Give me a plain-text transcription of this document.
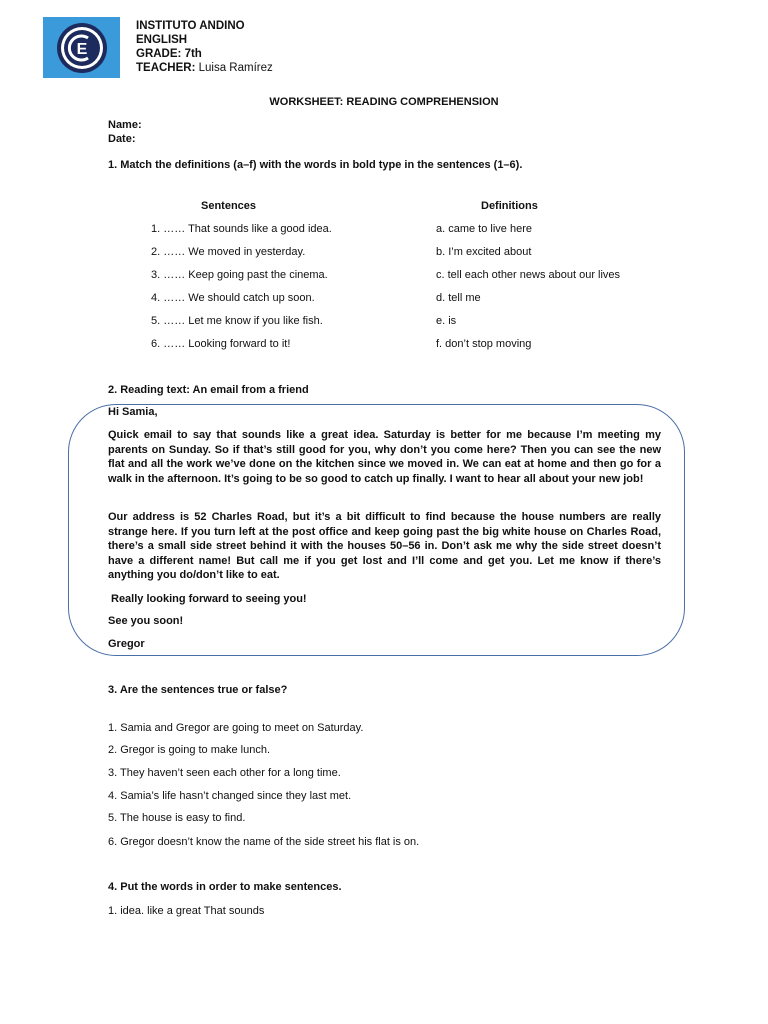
E
INSTITUTO ANDINO
ENGLISH
GRADE: 7th
TEACHER: Luisa Ramírez
WORKSHEET: READING COMPREHENSION
Name:
Date:
1. Match the definitions (a–f) with the words in bold type in the sentences (1–6).
Sentences	Definitions
1. …… That sounds like a good idea.
2. …… We moved in yesterday.
3. …… Keep going past the cinema.
4. …… We should catch up soon.
5. …… Let me know if you like fish.
6. …… Looking forward to it!
a. came to live here
b. I’m excited about
c. tell each other news about our lives
d. tell me
e. is
f. don’t stop moving
2. Reading text: An email from a friend
Hi Samia,
Quick email to say that sounds like a great idea. Saturday is better for me because I’m meeting my parents on Sunday. So if that’s still good for you, why don’t you come here? Then you can see the new flat and all the work we’ve done on the kitchen since we moved in. We can eat at home and then go for a walk in the afternoon. It’s going to be so good to catch up finally. I want to hear all about your new job!
Our address is 52 Charles Road, but it’s a bit difficult to find because the house numbers are really strange here. If you turn left at the post office and keep going past the big white house on Charles Road, there’s a small side street behind it with the houses 50–56 in. Don’t ask me why the side street doesn’t have a different name! But call me if you get lost and I’ll come and get you. Let me know if there’s anything you do/don’t like to eat.
Really looking forward to seeing you!
See you soon!
Gregor
3. Are the sentences true or false?
1. Samia and Gregor are going to meet on Saturday.
2. Gregor is going to make lunch.
3. They haven’t seen each other for a long time.
4. Samia’s life hasn’t changed since they last met.
5. The house is easy to find.
6. Gregor doesn’t know the name of the side street his flat is on.
4. Put the words in order to make sentences.
1. idea. like a great That sounds
